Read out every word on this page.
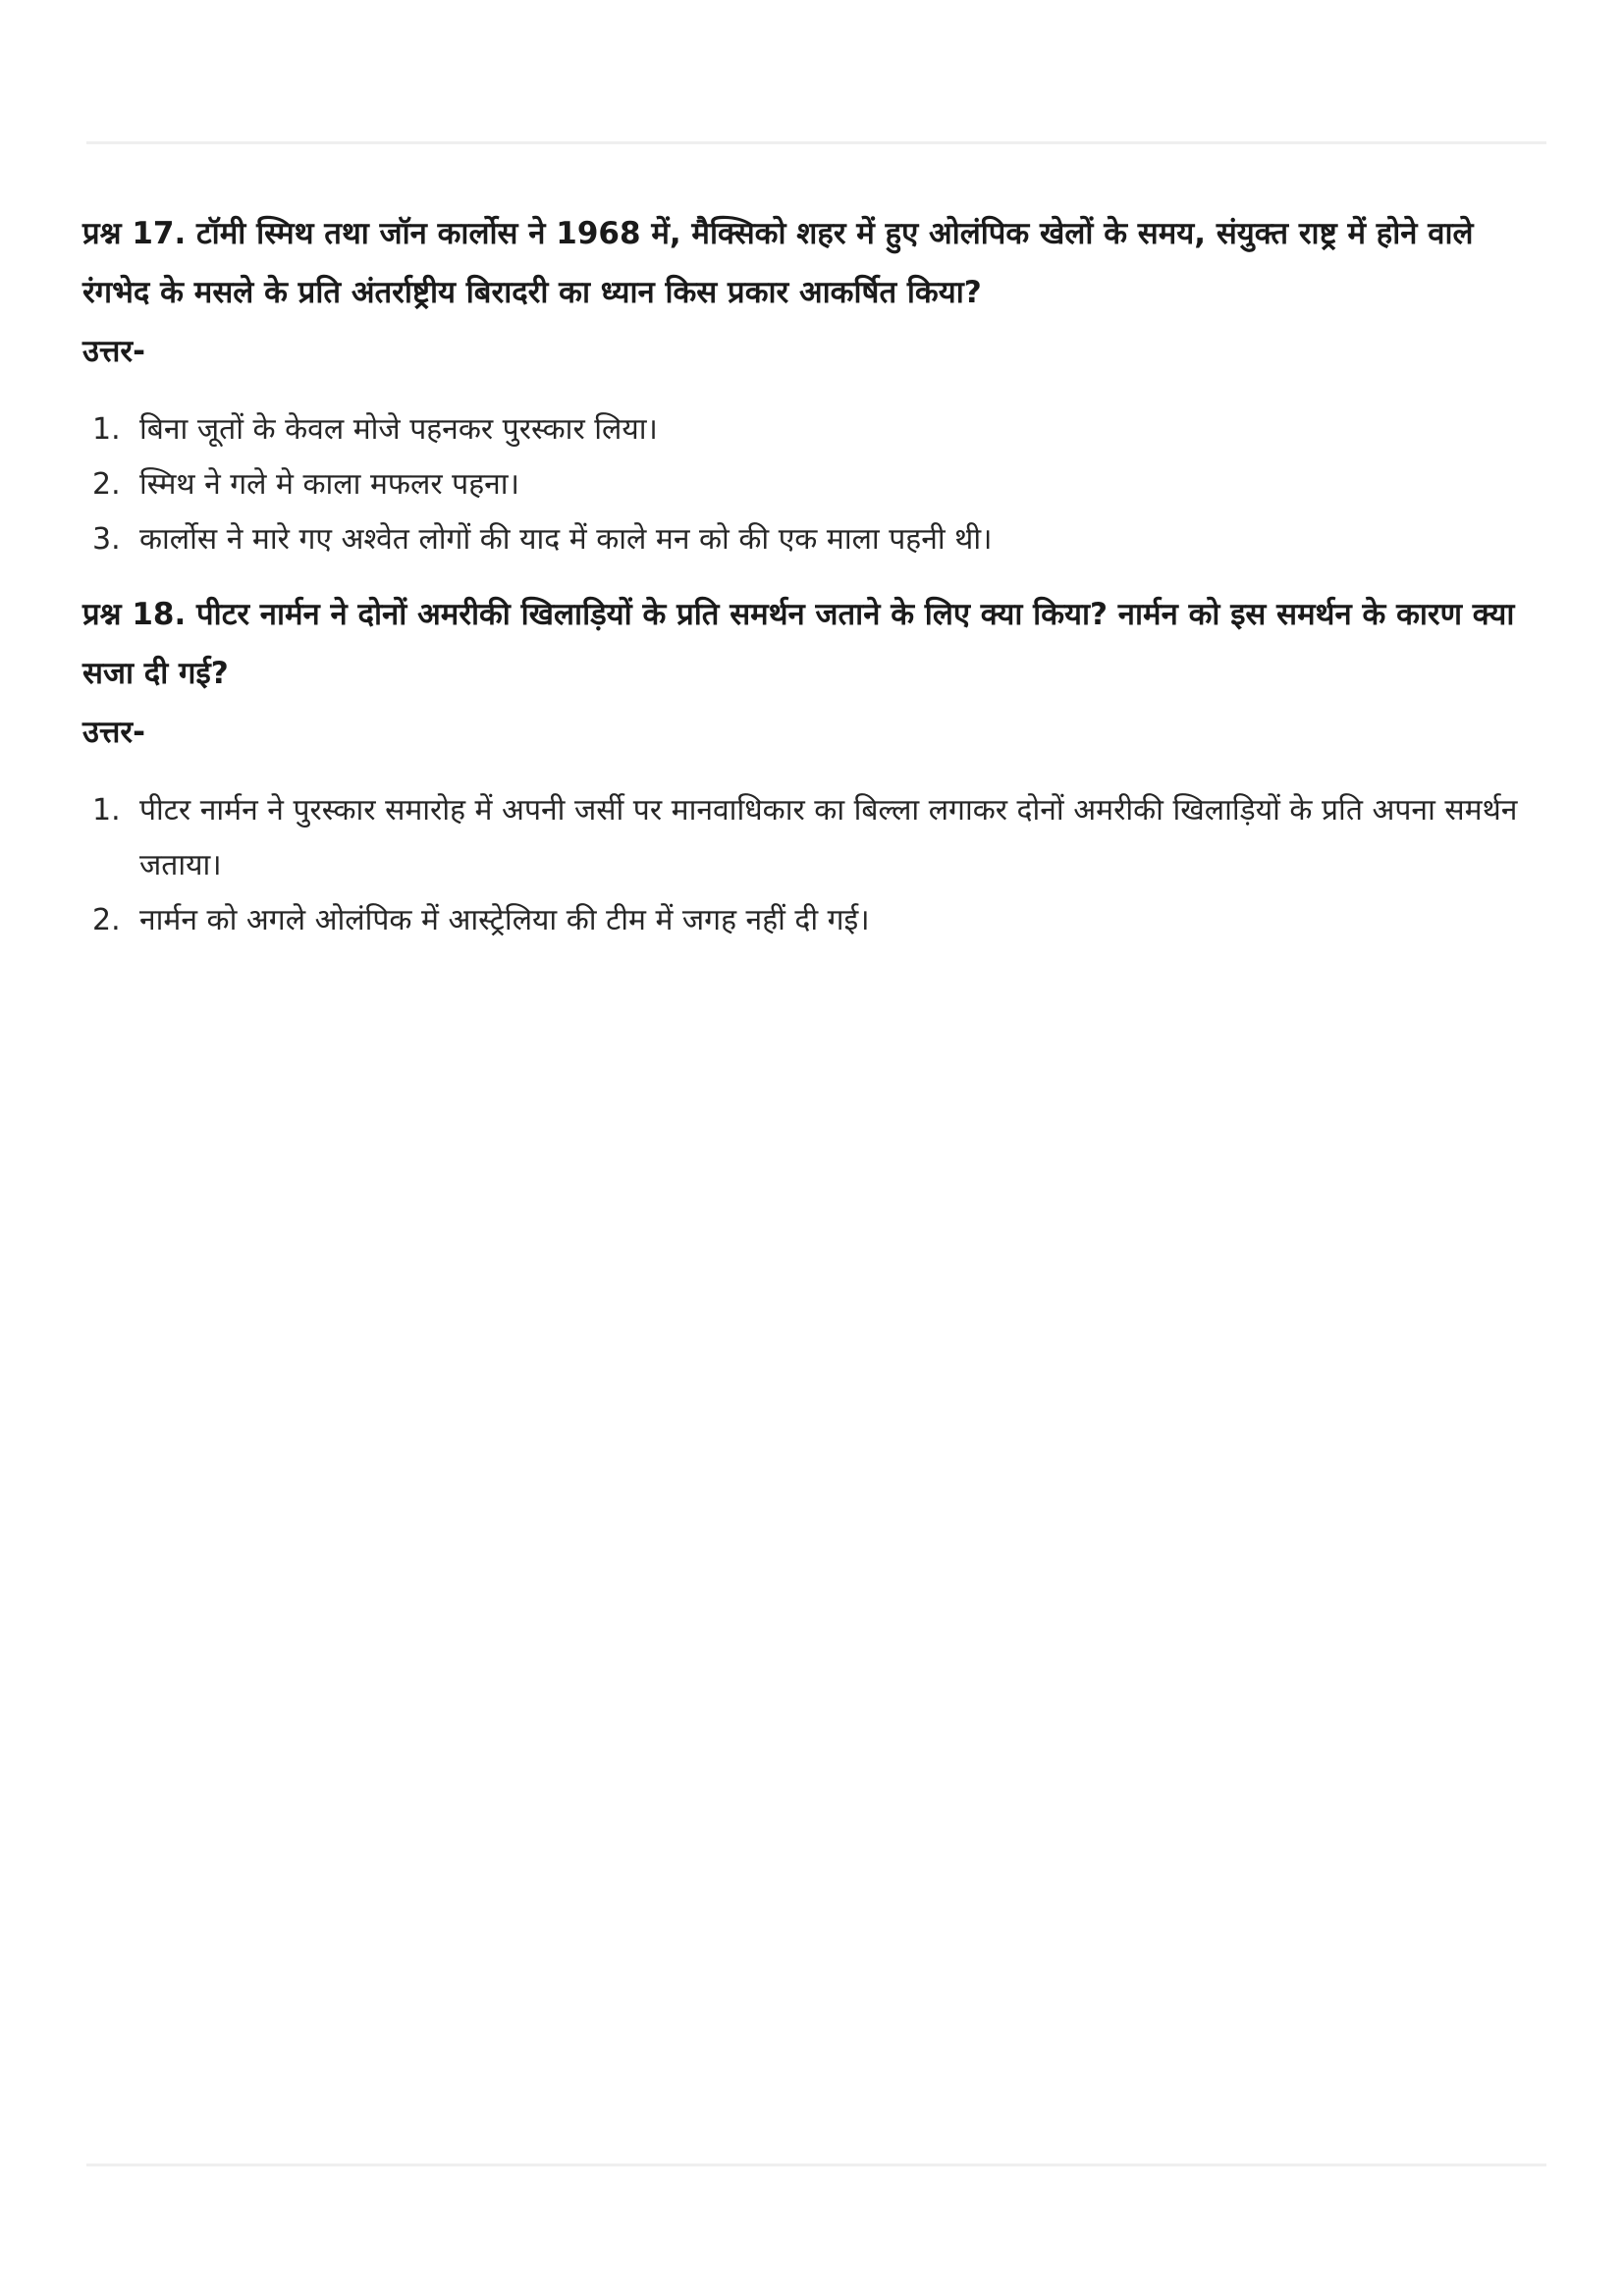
प्रश्न 17. टॉमी स्मिथ तथा जॉन कार्लोस ने 1968 में, मैक्सिको शहर में हुए ओलंपिक खेलों के समय, संयुक्त राष्ट्र में होने वाले रंगभेद के मसले के प्रति अंतर्राष्ट्रीय बिरादरी का ध्यान किस प्रकार आकर्षित किया?

उत्तर-

1. बिना जूतों के केवल मोजे पहनकर पुरस्कार लिया।
2. स्मिथ ने गले मे काला मफलर पहना।
3. कार्लोस ने मारे गए अश्वेत लोगों की याद में काले मन को की एक माला पहनी थी।

प्रश्न 18. पीटर नार्मन ने दोनों अमरीकी खिलाड़ियों के प्रति समर्थन जताने के लिए क्या किया? नार्मन को इस समर्थन के कारण क्या सजा दी गई?

उत्तर-

1. पीटर नार्मन ने पुरस्कार समारोह में अपनी जर्सी पर मानवाधिकार का बिल्ला लगाकर दोनों अमरीकी खिलाड़ियों के प्रति अपना समर्थन जताया।
2. नार्मन को अगले ओलंपिक में आस्ट्रेलिया की टीम में जगह नहीं दी गई।
